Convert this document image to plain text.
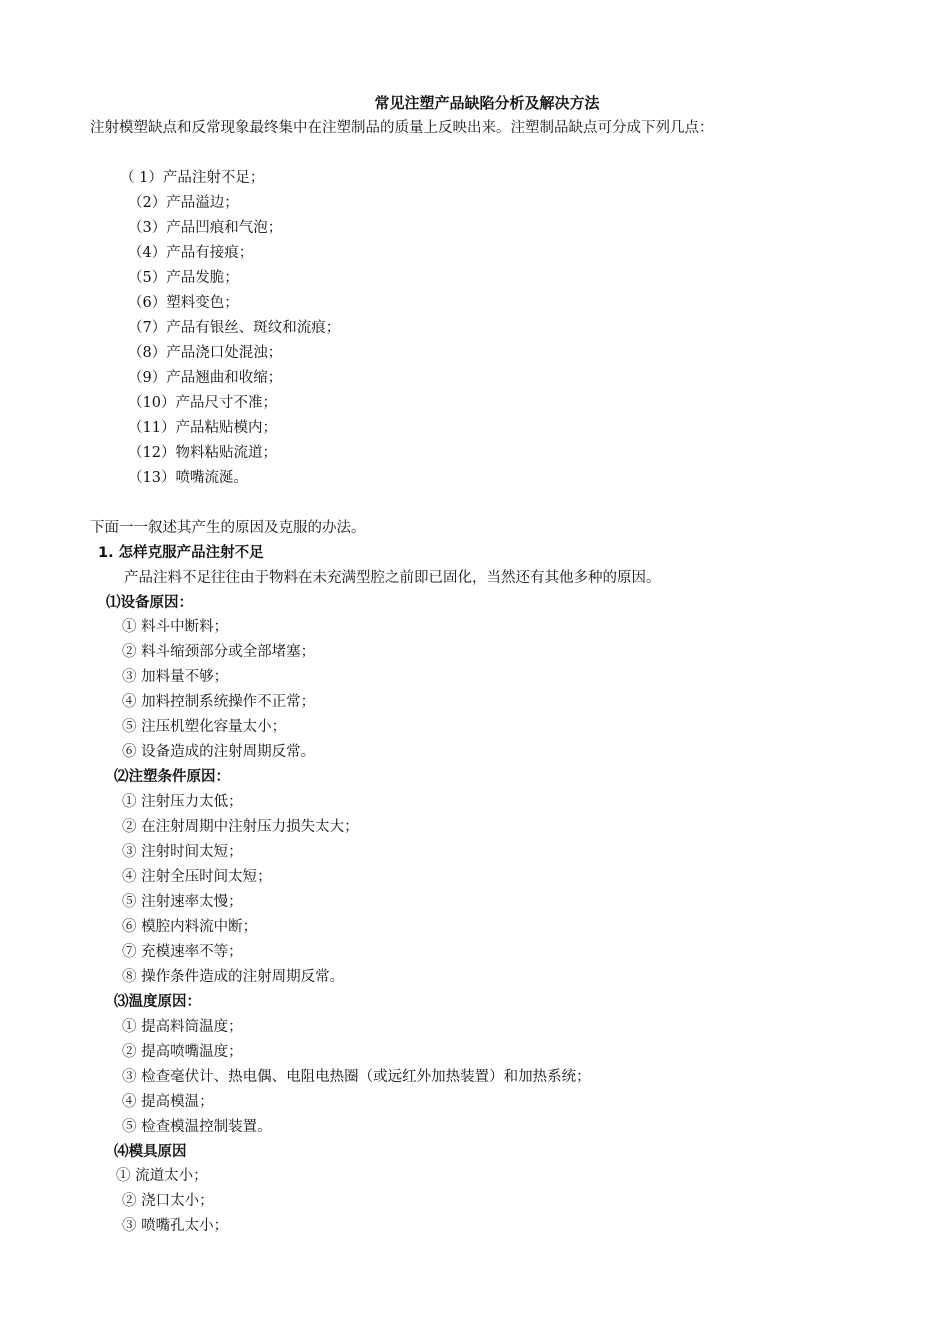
常见注塑产品缺陷分析及解决方法
注射模塑缺点和反常现象最终集中在注塑制品的质量上反映出来。注塑制品缺点可分成下列几点：
（ 1）产品注射不足；
（2）产品溢边；
（3）产品凹痕和气泡；
（4）产品有接痕；
（5）产品发脆；
（6）塑料变色；
（7）产品有银丝、斑纹和流痕；
（8）产品浇口处混浊；
（9）产品翘曲和收缩；
（10）产品尺寸不准；
（11）产品粘贴模内；
（12）物料粘贴流道；
（13）喷嘴流涎。
下面一一叙述其产生的原因及克服的办法。
1. 怎样克服产品注射不足
产品注料不足往往由于物料在未充满型腔之前即已固化，当然还有其他多种的原因。
⑴设备原因：
① 料斗中断料；
② 料斗缩颈部分或全部堵塞；
③ 加料量不够；
④ 加料控制系统操作不正常；
⑤ 注压机塑化容量太小；
⑥ 设备造成的注射周期反常。
⑵注塑条件原因：
① 注射压力太低；
② 在注射周期中注射压力损失太大；
③ 注射时间太短；
④ 注射全压时间太短；
⑤ 注射速率太慢；
⑥ 模腔内料流中断；
⑦ 充模速率不等；
⑧ 操作条件造成的注射周期反常。
⑶温度原因：
① 提高料筒温度；
② 提高喷嘴温度；
③ 检查毫伏计、热电偶、电阻电热圈（或远红外加热装置）和加热系统；
④ 提高模温；
⑤ 检查模温控制装置。
⑷模具原因
① 流道太小；
② 浇口太小；
③ 喷嘴孔太小；
